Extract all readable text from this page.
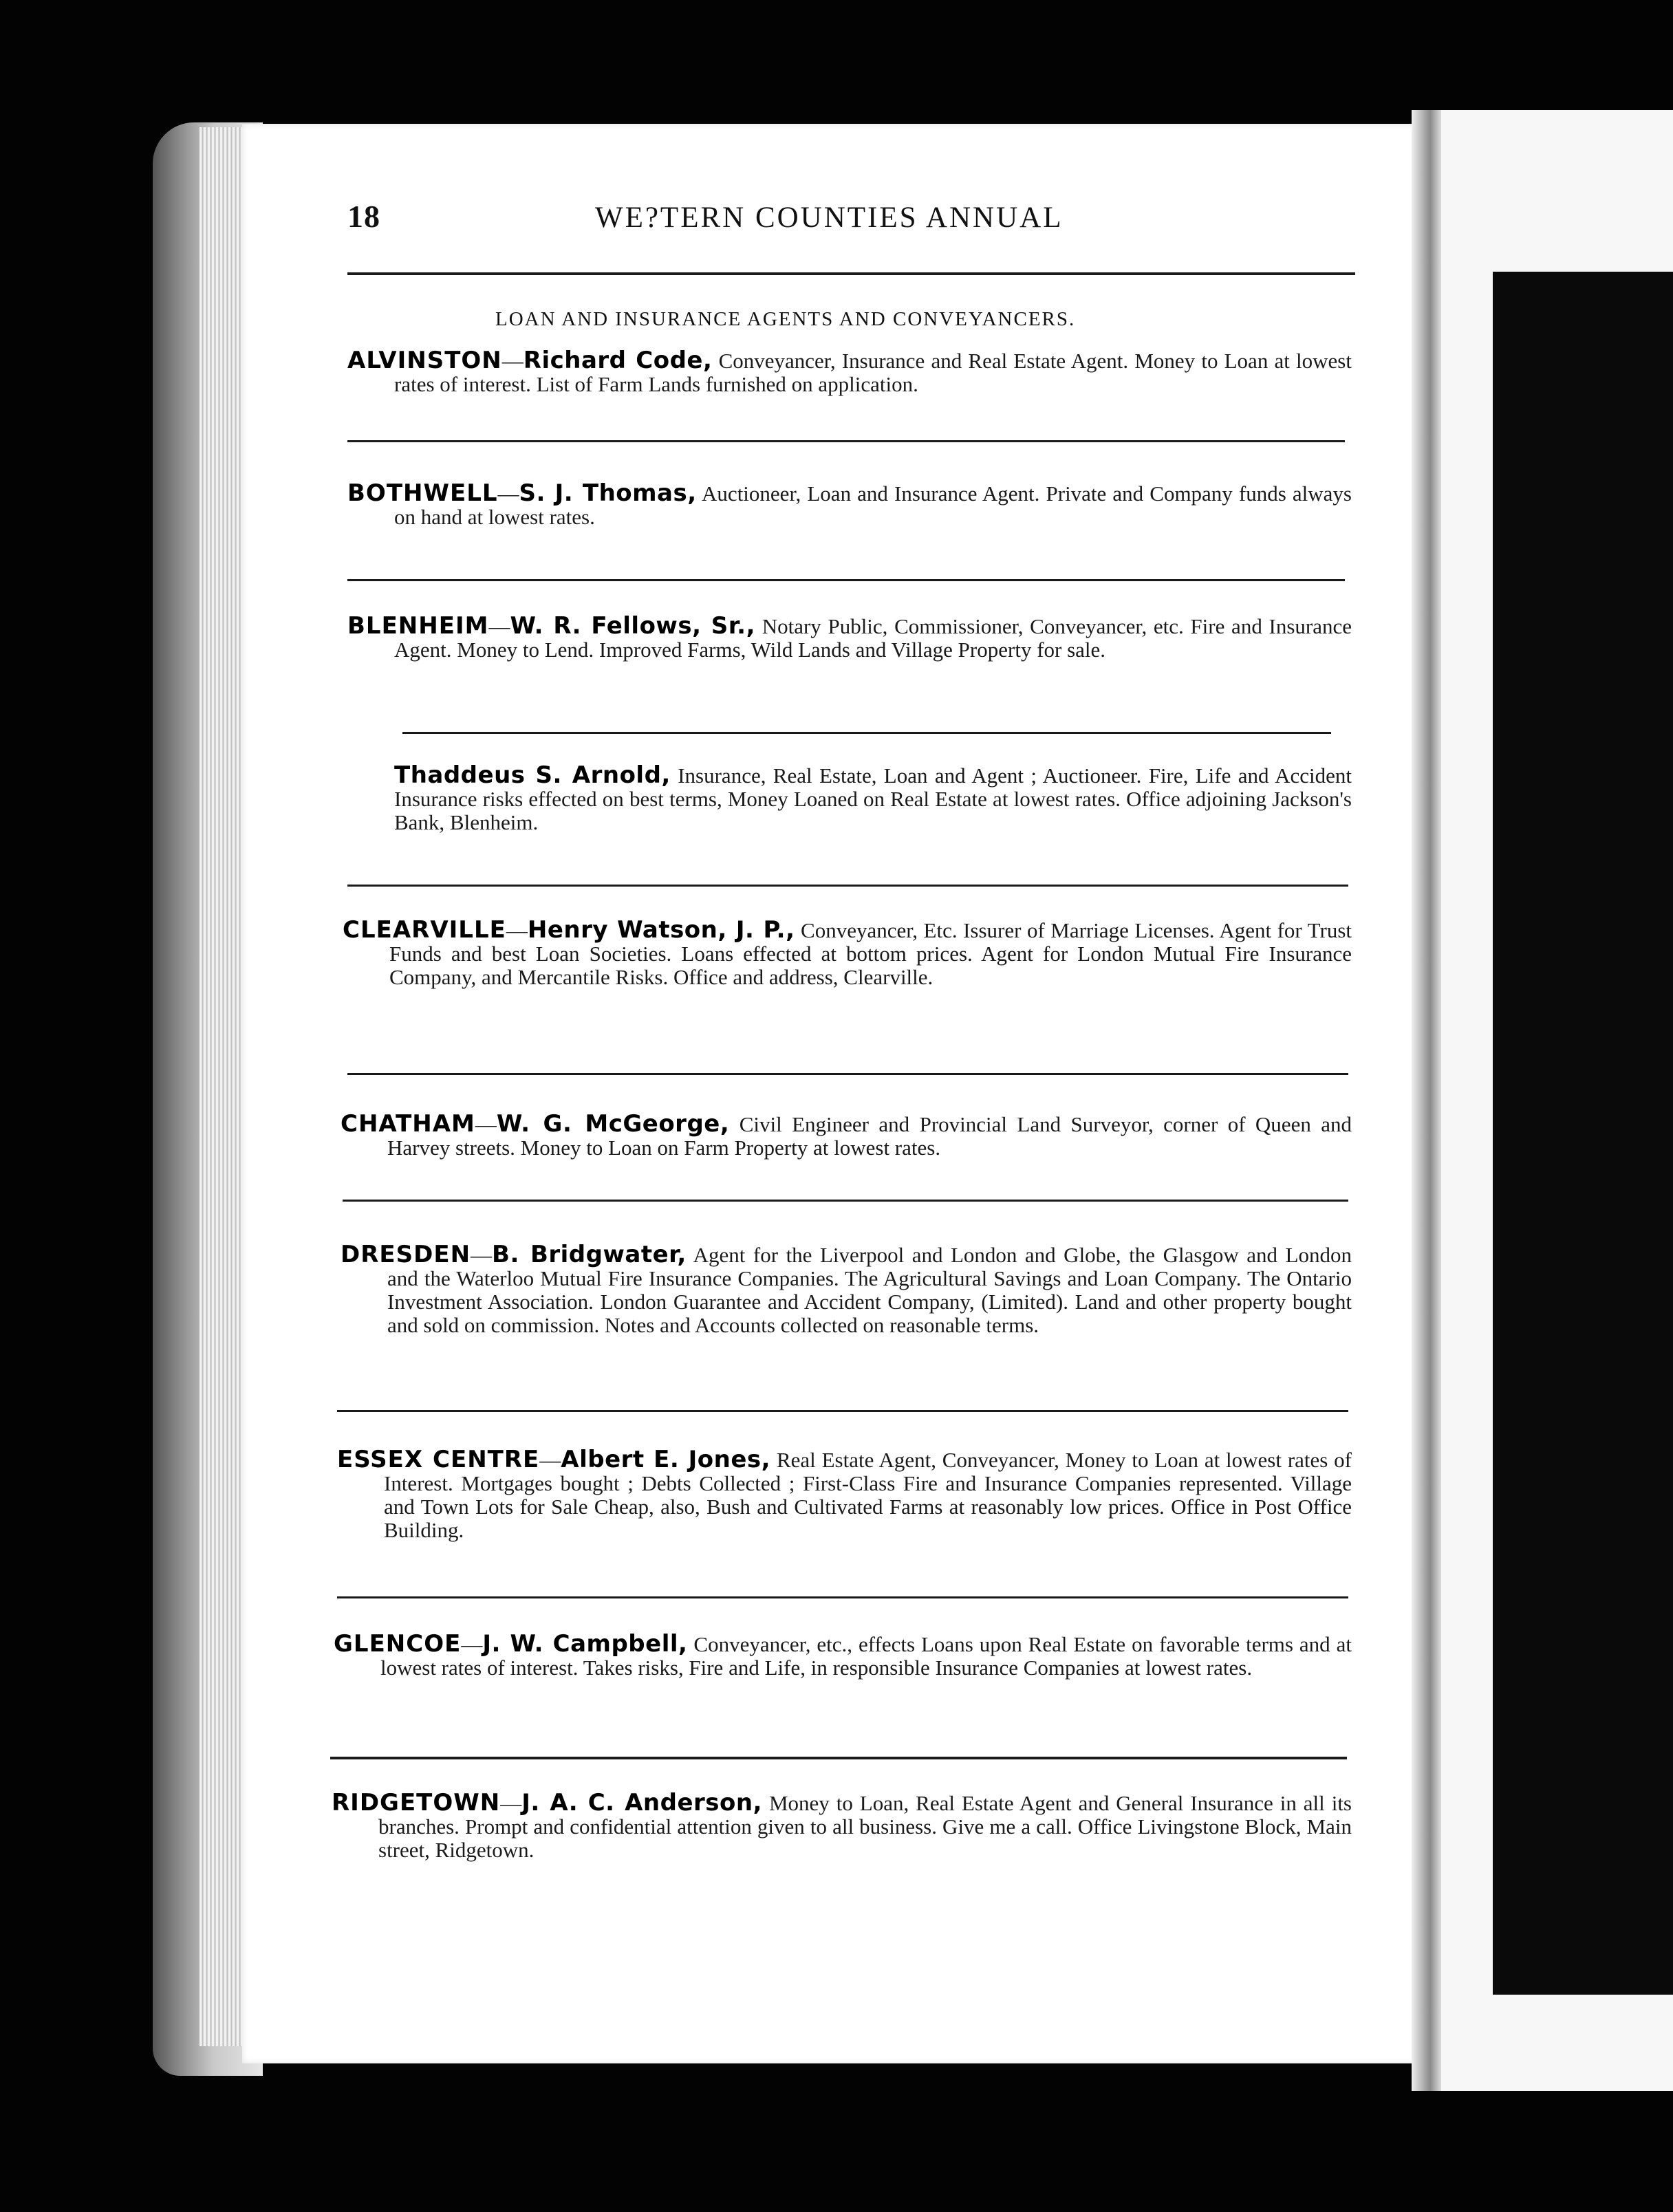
18	WE?TERN COUNTIES ANNUAL
LOAN AND INSURANCE AGENTS AND CONVEYANCERS.

ALVINSTON—Richard Code, Conveyancer, Insurance and Real Estate Agent. Money to Loan at lowest rates of interest. List of Farm Lands furnished on application.

BOTHWELL—S. J. Thomas, Auctioneer, Loan and Insurance Agent. Private and Company funds always on hand at lowest rates.

BLENHEIM—W. R. Fellows, Sr., Notary Public, Commissioner, Conveyancer, etc. Fire and Insurance Agent. Money to Lend. Improved Farms, Wild Lands and Village Property for sale.

Thaddeus S. Arnold, Insurance, Real Estate, Loan and Agent ; Auctioneer. Fire, Life and Accident Insurance risks effected on best terms, Money Loaned on Real Estate at lowest rates. Office adjoining Jackson's Bank, Blenheim.

CLEARVILLE—Henry Watson, J. P., Conveyancer, Etc. Issurer of Marriage Licenses. Agent for Trust Funds and best Loan Societies. Loans effected at bottom prices. Agent for London Mutual Fire Insurance Company, and Mercantile Risks. Office and address, Clearville.

CHATHAM—W. G. McGeorge, Civil Engineer and Provincial Land Surveyor, corner of Queen and Harvey streets. Money to Loan on Farm Property at lowest rates.

DRESDEN—B. Bridgwater, Agent for the Liverpool and London and Globe, the Glasgow and London and the Waterloo Mutual Fire Insurance Companies. The Agricultural Savings and Loan Company. The Ontario Investment Association. London Guarantee and Accident Company, (Limited). Land and other property bought and sold on commission. Notes and Accounts collected on reasonable terms.

ESSEX CENTRE—Albert E. Jones, Real Estate Agent, Conveyancer, Money to Loan at lowest rates of Interest. Mortgages bought ; Debts Collected ; First-Class Fire and Insurance Companies represented. Village and Town Lots for Sale Cheap, also, Bush and Cultivated Farms at reasonably low prices. Office in Post Office Building.

GLENCOE—J. W. Campbell, Conveyancer, etc., effects Loans upon Real Estate on favorable terms and at lowest rates of interest. Takes risks, Fire and Life, in responsible Insurance Companies at lowest rates.

RIDGETOWN—J. A. C. Anderson, Money to Loan, Real Estate Agent and General Insurance in all its branches. Prompt and confidential attention given to all business. Give me a call. Office Livingstone Block, Main street, Ridgetown.
